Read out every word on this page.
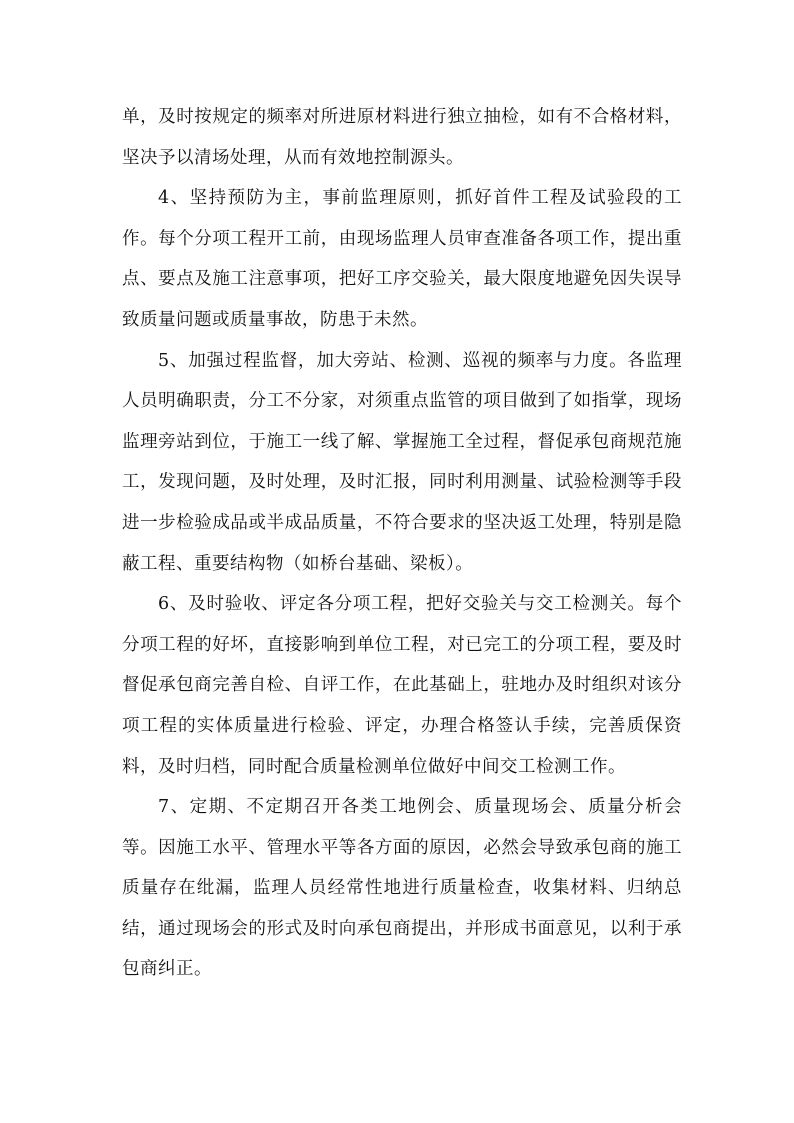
单，及时按规定的频率对所进原材料进行独立抽检，如有不合格材料，坚决予以清场处理，从而有效地控制源头。

4、坚持预防为主，事前监理原则，抓好首件工程及试验段的工作。每个分项工程开工前，由现场监理人员审查准备各项工作，提出重点、要点及施工注意事项，把好工序交验关，最大限度地避免因失误导致质量问题或质量事故，防患于未然。

5、加强过程监督，加大旁站、检测、巡视的频率与力度。各监理人员明确职责，分工不分家，对须重点监管的项目做到了如指掌，现场监理旁站到位，于施工一线了解、掌握施工全过程，督促承包商规范施工，发现问题，及时处理，及时汇报，同时利用测量、试验检测等手段进一步检验成品或半成品质量，不符合要求的坚决返工处理，特别是隐蔽工程、重要结构物（如桥台基础、梁板）。

6、及时验收、评定各分项工程，把好交验关与交工检测关。每个分项工程的好坏，直接影响到单位工程，对已完工的分项工程，要及时督促承包商完善自检、自评工作，在此基础上，驻地办及时组织对该分项工程的实体质量进行检验、评定，办理合格签认手续，完善质保资料，及时归档，同时配合质量检测单位做好中间交工检测工作。

7、定期、不定期召开各类工地例会、质量现场会、质量分析会等。因施工水平、管理水平等各方面的原因，必然会导致承包商的施工质量存在纰漏，监理人员经常性地进行质量检查，收集材料、归纳总结，通过现场会的形式及时向承包商提出，并形成书面意见，以利于承包商纠正。
